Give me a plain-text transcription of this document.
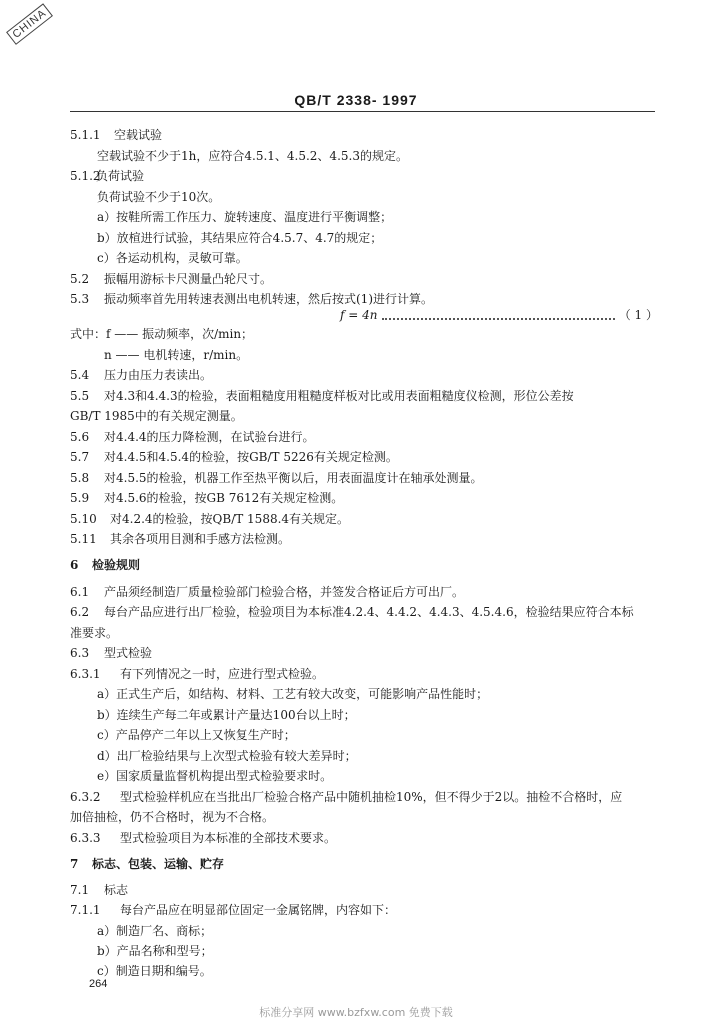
CHINA
QB/T 2338- 1997
5.1.1 空载试验
空载试验不少于1h，应符合4.5.1、4.5.2、4.5.3的规定。
5.1.2负荷试验
负荷试验不少于10次。
a）按鞋所需工作压力、旋转速度、温度进行平衡调整；
b）放楦进行试验，其结果应符合4.5.7、4.7的规定；
c）各运动机构，灵敏可靠。
5.2 振幅用游标卡尺测量凸轮尺寸。
5.3 振动频率首先用转速表测出电机转速，然后按式(1)进行计算。
f = 4n	（ 1 ）
式中：f —— 振动频率，次/min；
n —— 电机转速，r/min。
5.4 压力由压力表读出。
5.5 对4.3和4.4.3的检验，表面粗糙度用粗糙度样板对比或用表面粗糙度仪检测，形位公差按
GB/T 1985中的有关规定测量。
5.6 对4.4.4的压力降检测，在试验台进行。
5.7 对4.4.5和4.5.4的检验，按GB/T 5226有关规定检测。
5.8 对4.5.5的检验，机器工作至热平衡以后，用表面温度计在轴承处测量。
5.9 对4.5.6的检验，按GB 7612有关规定检测。
5.10 对4.2.4的检验，按QB/T 1588.4有关规定。
5.11 其余各项用目测和手感方法检测。
6 检验规则
6.1 产品须经制造厂质量检验部门检验合格，并签发合格证后方可出厂。
6.2 每台产品应进行出厂检验，检验项目为本标准4.2.4、4.4.2、4.4.3、4.5.4.6，检验结果应符合本标
准要求。
6.3 型式检验
6.3.1 有下列情况之一时，应进行型式检验。
a）正式生产后，如结构、材料、工艺有较大改变，可能影响产品性能时；
b）连续生产每二年或累计产量达100台以上时；
c）产品停产二年以上又恢复生产时；
d）出厂检验结果与上次型式检验有较大差异时；
e）国家质量监督机构提出型式检验要求时。
6.3.2 型式检验样机应在当批出厂检验合格产品中随机抽检10%，但不得少于2以。抽检不合格时，应
加倍抽检，仍不合格时，视为不合格。
6.3.3 型式检验项目为本标准的全部技术要求。
7 标志、包装、运输、贮存
7.1 标志
7.1.1 每台产品应在明显部位固定一金属铭牌，内容如下：
a）制造厂名、商标；
b）产品名称和型号；
c）制造日期和编号。
264
标准分享网 www.bzfxw.com 免费下载
